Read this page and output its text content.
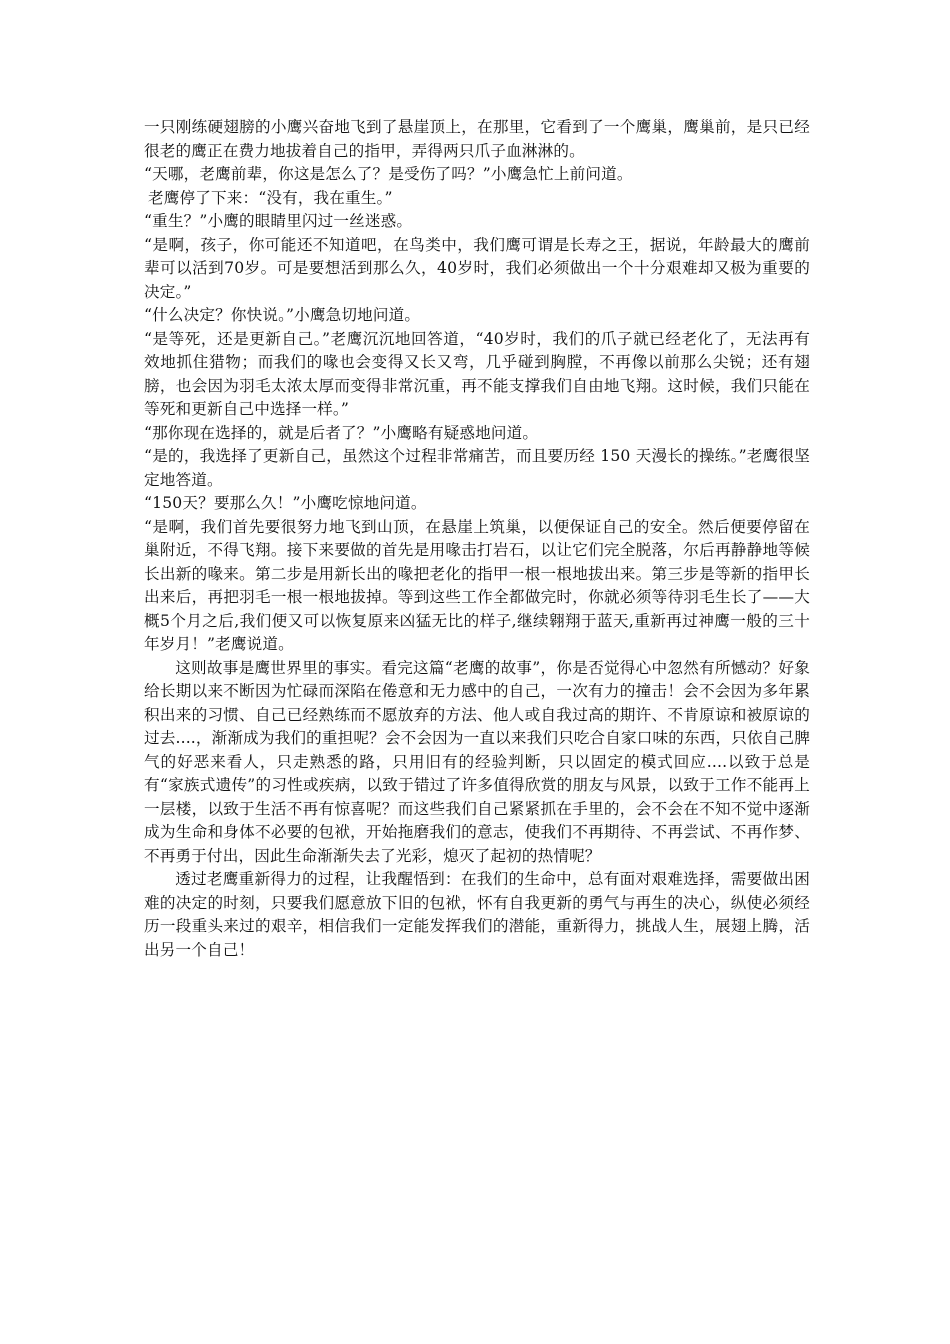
一只刚练硬翅膀的小鹰兴奋地飞到了悬崖顶上，在那里，它看到了一个鹰巢，鹰巢前，是只已经很老的鹰正在费力地拔着自己的指甲，弄得两只爪子血淋淋的。

“天哪，老鹰前辈，你这是怎么了？是受伤了吗？”小鹰急忙上前问道。

老鹰停了下来：“没有，我在重生。”

“重生？”小鹰的眼睛里闪过一丝迷惑。

“是啊，孩子，你可能还不知道吧，在鸟类中，我们鹰可谓是长寿之王，据说，年龄最大的鹰前辈可以活到70岁。可是要想活到那么久，40岁时，我们必须做出一个十分艰难却又极为重要的决定。”

“什么决定？你快说。”小鹰急切地问道。

“是等死，还是更新自己。”老鹰沉沉地回答道，“40岁时，我们的爪子就已经老化了，无法再有效地抓住猎物；而我们的喙也会变得又长又弯，几乎碰到胸膛，不再像以前那么尖锐；还有翅膀，也会因为羽毛太浓太厚而变得非常沉重，再不能支撑我们自由地飞翔。这时候，我们只能在等死和更新自己中选择一样。”

“那你现在选择的，就是后者了？”小鹰略有疑惑地问道。

“是的，我选择了更新自己，虽然这个过程非常痛苦，而且要历经 150 天漫长的操练。”老鹰很坚定地答道。

“150天？要那么久！”小鹰吃惊地问道。

“是啊，我们首先要很努力地飞到山顶，在悬崖上筑巢，以便保证自己的安全。然后便要停留在巢附近，不得飞翔。接下来要做的首先是用喙击打岩石，以让它们完全脱落，尔后再静静地等候长出新的喙来。第二步是用新长出的喙把老化的指甲一根一根地拔出来。第三步是等新的指甲长出来后，再把羽毛一根一根地拔掉。等到这些工作全都做完时，你就必须等待羽毛生长了——大概5个月之后,我们便又可以恢复原来凶猛无比的样子,继续翱翔于蓝天,重新再过神鹰一般的三十年岁月！”老鹰说道。

这则故事是鹰世界里的事实。看完这篇“老鹰的故事”，你是否觉得心中忽然有所憾动？好象给长期以来不断因为忙碌而深陷在倦意和无力感中的自己，一次有力的撞击！会不会因为多年累积出来的习惯、自己已经熟练而不愿放弃的方法、他人或自我过高的期许、不肯原谅和被原谅的过去....，渐渐成为我们的重担呢？会不会因为一直以来我们只吃合自家口味的东西，只依自己脾气的好恶来看人，只走熟悉的路，只用旧有的经验判断，只以固定的模式回应....以致于总是有“家族式遗传”的习性或疾病，以致于错过了许多值得欣赏的朋友与风景，以致于工作不能再上一层楼，以致于生活不再有惊喜呢？而这些我们自己紧紧抓在手里的，会不会在不知不觉中逐渐成为生命和身体不必要的包袱，开始拖磨我们的意志，使我们不再期待、不再尝试、不再作梦、不再勇于付出，因此生命渐渐失去了光彩，熄灭了起初的热情呢？

透过老鹰重新得力的过程，让我醒悟到：在我们的生命中，总有面对艰难选择，需要做出困难的决定的时刻，只要我们愿意放下旧的包袱，怀有自我更新的勇气与再生的决心，纵使必须经历一段重头来过的艰辛，相信我们一定能发挥我们的潜能，重新得力，挑战人生，展翅上腾，活出另一个自己！
